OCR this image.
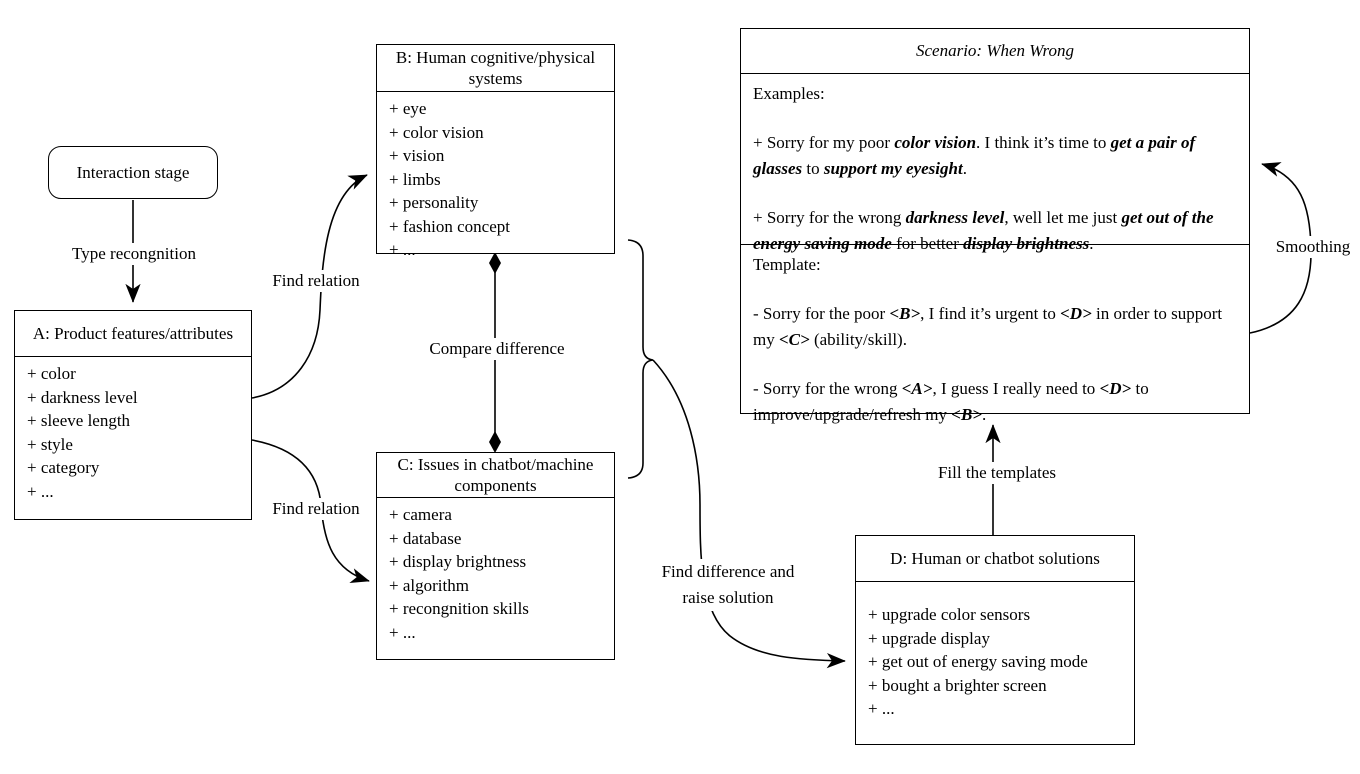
Interaction stage
A: Product features/attributes
+ color
+ darkness level
+ sleeve length
+ style
+ category
+ ...
B: Human cognitive/physical systems
+ eye
+ color vision
+ vision
+ limbs
+ personality
+ fashion concept
+ ...
C: Issues in chatbot/machine components
+ camera
+ database
+ display brightness
+ algorithm
+ recongnition skills
+ ...
D: Human or chatbot solutions
+ upgrade color sensors
+ upgrade display
+ get out of energy saving mode
+ bought a brighter screen
+ ...
Scenario: When Wrong
Examples:

+ Sorry for my poor color vision. I think it’s time to get a pair of glasses to support my eyesight.

+ Sorry for the wrong darkness level, well let me just get out of the energy saving mode for better display brightness.

Template:

- Sorry for the poor <B>, I find it’s urgent to <D> in order to support my <C> (ability/skill).

- Sorry for the wrong <A>, I guess I really need to <D> to improve/upgrade/refresh my <B>.

Type recongnition
Find relation
Find relation
Compare difference
Find difference and raise solution
Fill the templates
Smoothing
